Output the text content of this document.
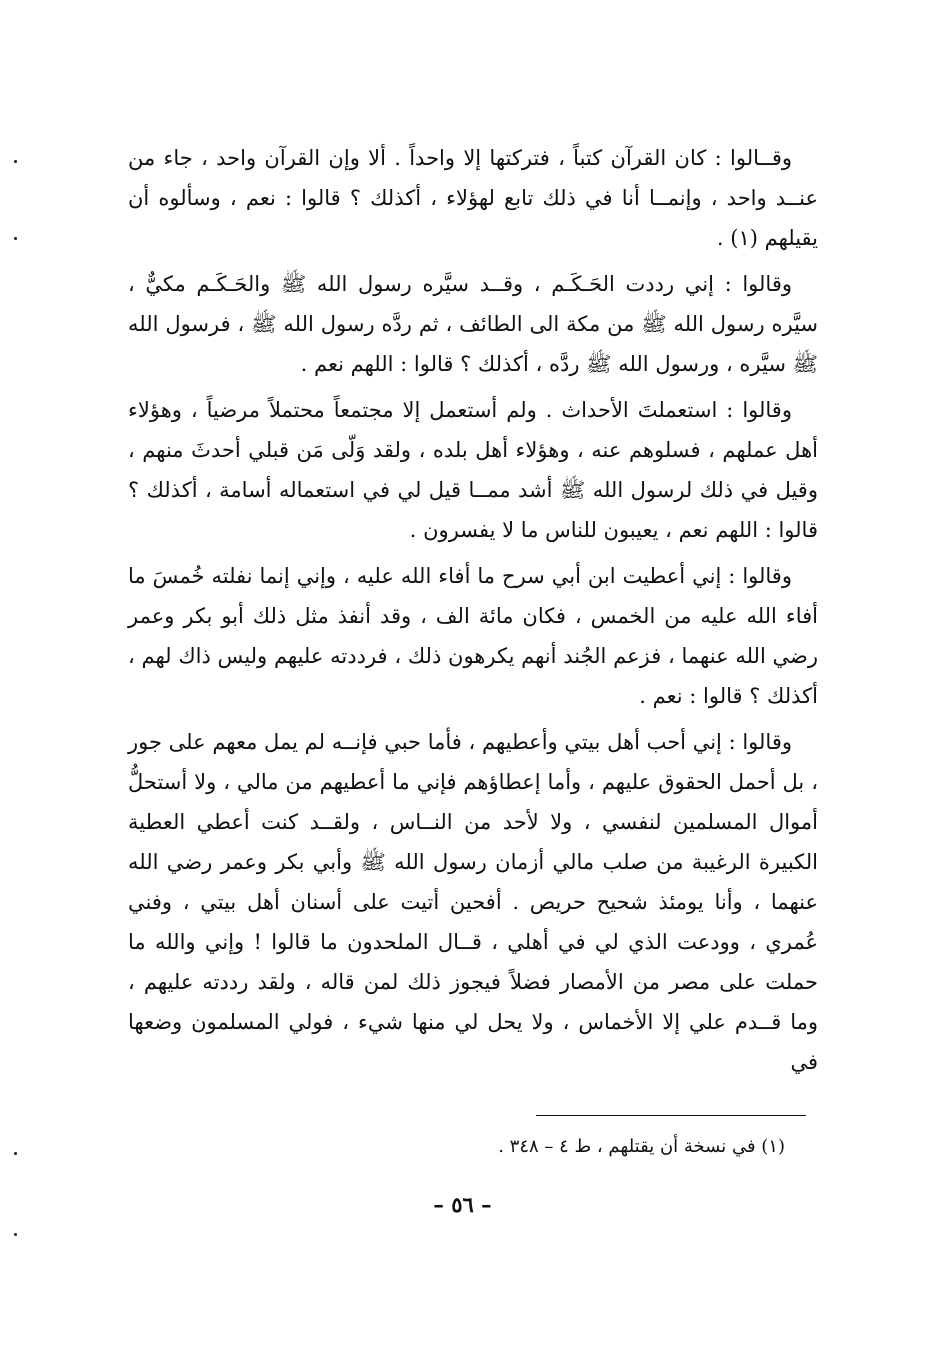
وقــالوا : كان القرآن كتباً ، فتركتها إلا واحداً . ألا وإن القرآن واحد ، جاء من عنــد واحد ، وإنمــا أنا في ذلك تابع لهؤلاء ، أكذلك ؟ قالوا : نعم ، وسألوه أن يقيلهم (١) .

وقالوا : إني رددت الحَـكَـم ، وقــد سيَّره رسول الله ﷺ والحَـكَـم مكيٌّ ، سيَّره رسول الله ﷺ من مكة الى الطائف ، ثم ردَّه رسول الله ﷺ ، فرسول الله ﷺ سيَّره ، ورسول الله ﷺ ردَّه ، أكذلك ؟ قالوا : اللهم نعم .

وقالوا : استعملتَ الأحداث . ولم أستعمل إلا مجتمعاً محتملاً مرضياً ، وهؤلاء أهل عملهم ، فسلوهم عنه ، وهؤلاء أهل بلده ، ولقد وَلّى مَن قبلي أحدثَ منهم ، وقيل في ذلك لرسول الله ﷺ أشد ممــا قيل لي في استعماله أسامة ، أكذلك ؟ قالوا : اللهم نعم ، يعيبون للناس ما لا يفسرون .

وقالوا : إني أعطيت ابن أبي سرح ما أفاء الله عليه ، وإني إنما نفلته خُمسَ ما أفاء الله عليه من الخمس ، فكان مائة الف ، وقد أنفذ مثل ذلك أبو بكر وعمر رضي الله عنهما ، فزعم الجُند أنهم يكرهون ذلك ، فرددته عليهم وليس ذاك لهم ، أكذلك ؟ قالوا : نعم .

وقالوا : إني أحب أهل بيتي وأعطيهم ، فأما حبي فإنــه لم يمل معهم على جور ، بل أحمل الحقوق عليهم ، وأما إعطاؤهم فإني ما أعطيهم من مالي ، ولا أستحلُّ أموال المسلمين لنفسي ، ولا لأحد من النــاس ، ولقــد كنت أعطي العطية الكبيرة الرغيبة من صلب مالي أزمان رسول الله ﷺ وأبي بكر وعمر رضي الله عنهما ، وأنا يومئذ شحيح حريص . أفحين أتيت على أسنان أهل بيتي ، وفني عُمري ، وودعت الذي لي في أهلي ، قــال الملحدون ما قالوا ! وإني والله ما حملت على مصر من الأمصار فضلاً فيجوز ذلك لمن قاله ، ولقد رددته عليهم ، وما قــدم علي إلا الأخماس ، ولا يحل لي منها شيء ، فولي المسلمون وضعها في

(١) في نسخة أن يقتلهم ، ط ٤ – ٣٤٨ .

– ٥٦ –
